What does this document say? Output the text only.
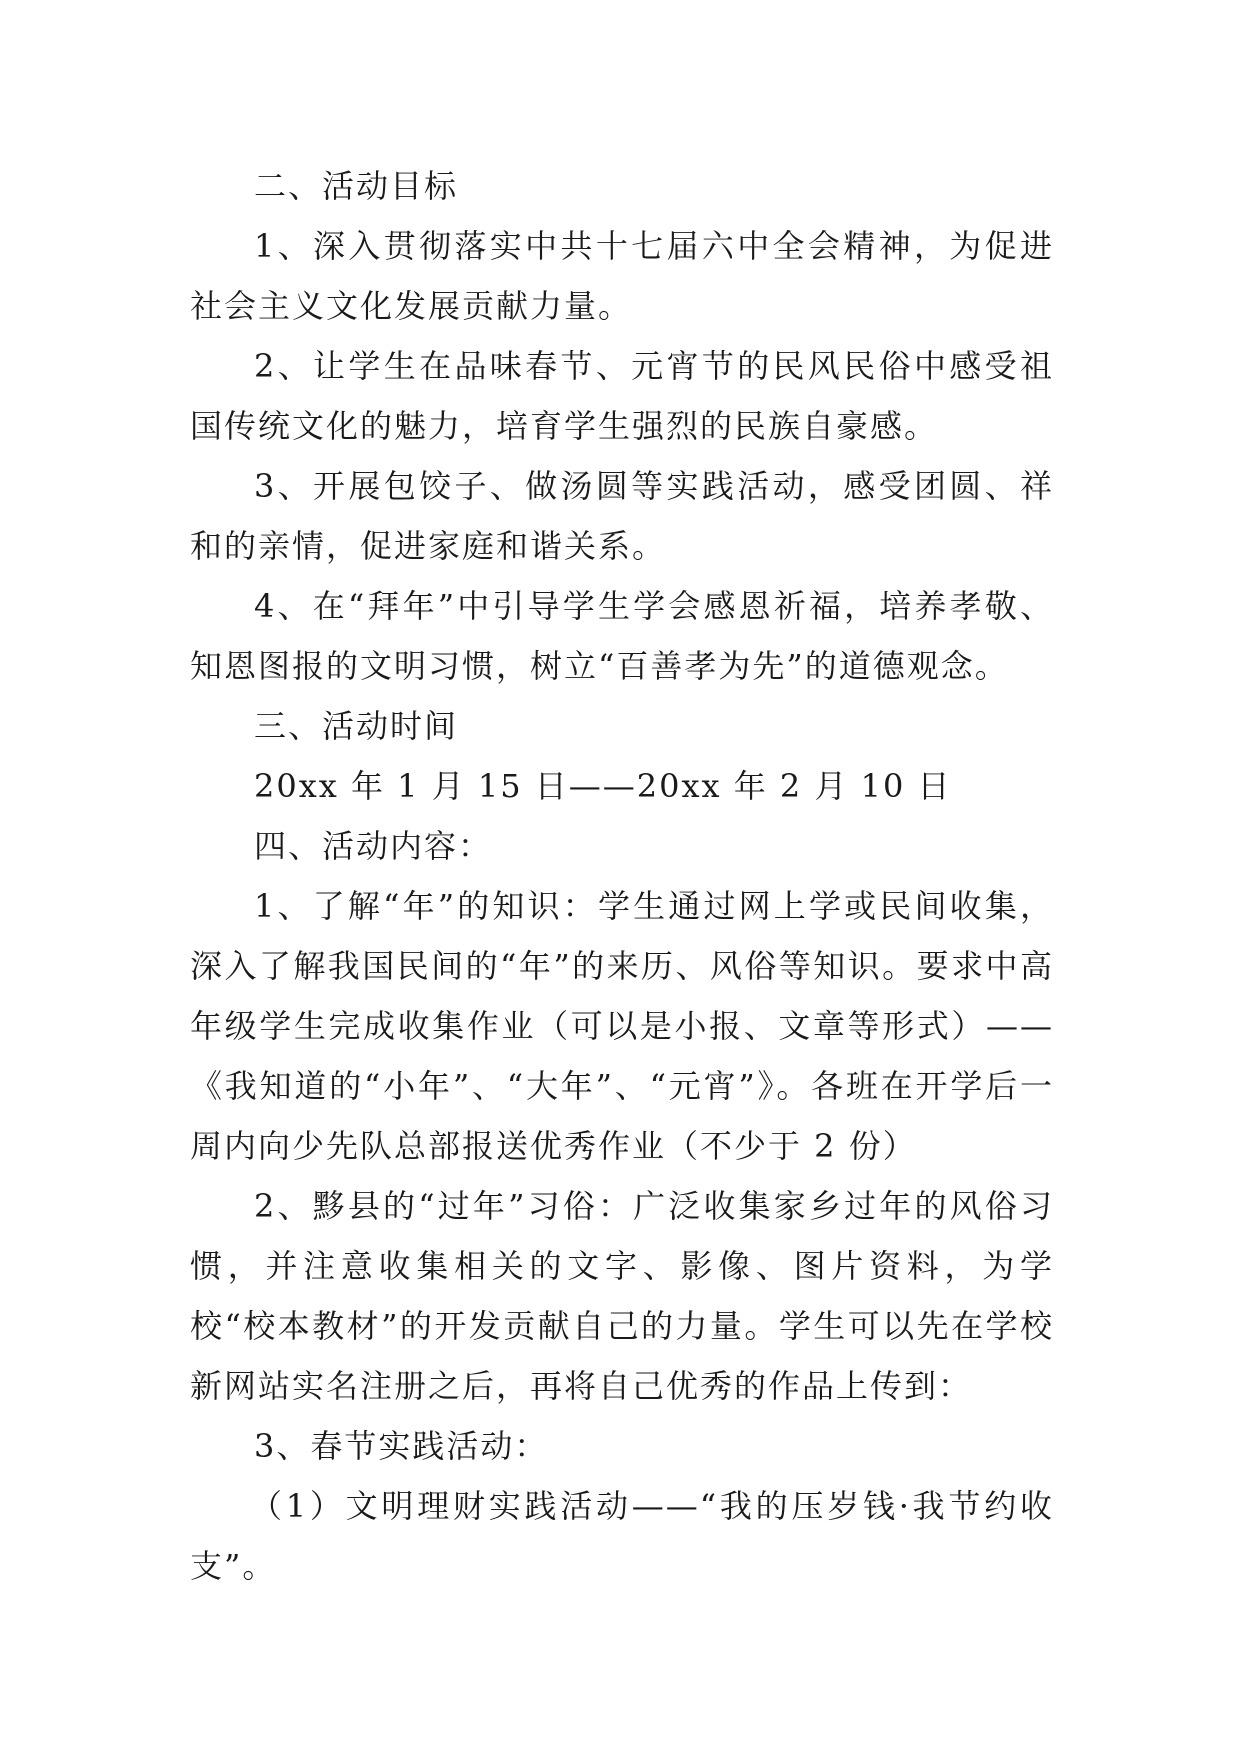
二、活动目标

1、深入贯彻落实中共十七届六中全会精神，为促进社会主义文化发展贡献力量。

2、让学生在品味春节、元宵节的民风民俗中感受祖国传统文化的魅力，培育学生强烈的民族自豪感。

3、开展包饺子、做汤圆等实践活动，感受团圆、祥和的亲情，促进家庭和谐关系。

4、在“拜年”中引导学生学会感恩祈福，培养孝敬、知恩图报的文明习惯，树立“百善孝为先”的道德观念。

三、活动时间

20xx 年 1 月 15 日——20xx 年 2 月 10 日

四、活动内容：

1、了解“年”的知识：学生通过网上学或民间收集，深入了解我国民间的“年”的来历、风俗等知识。要求中高年级学生完成收集作业（可以是小报、文章等形式）——《我知道的“小年”、“大年”、“元宵”》。各班在开学后一周内向少先队总部报送优秀作业（不少于 2 份）

2、黟县的“过年”习俗：广泛收集家乡过年的风俗习惯，并注意收集相关的文字、影像、图片资料，为学校“校本教材”的开发贡献自己的力量。学生可以先在学校新网站实名注册之后，再将自己优秀的作品上传到：

3、春节实践活动：

（1）文明理财实践活动——“我的压岁钱·我节约收支”。
